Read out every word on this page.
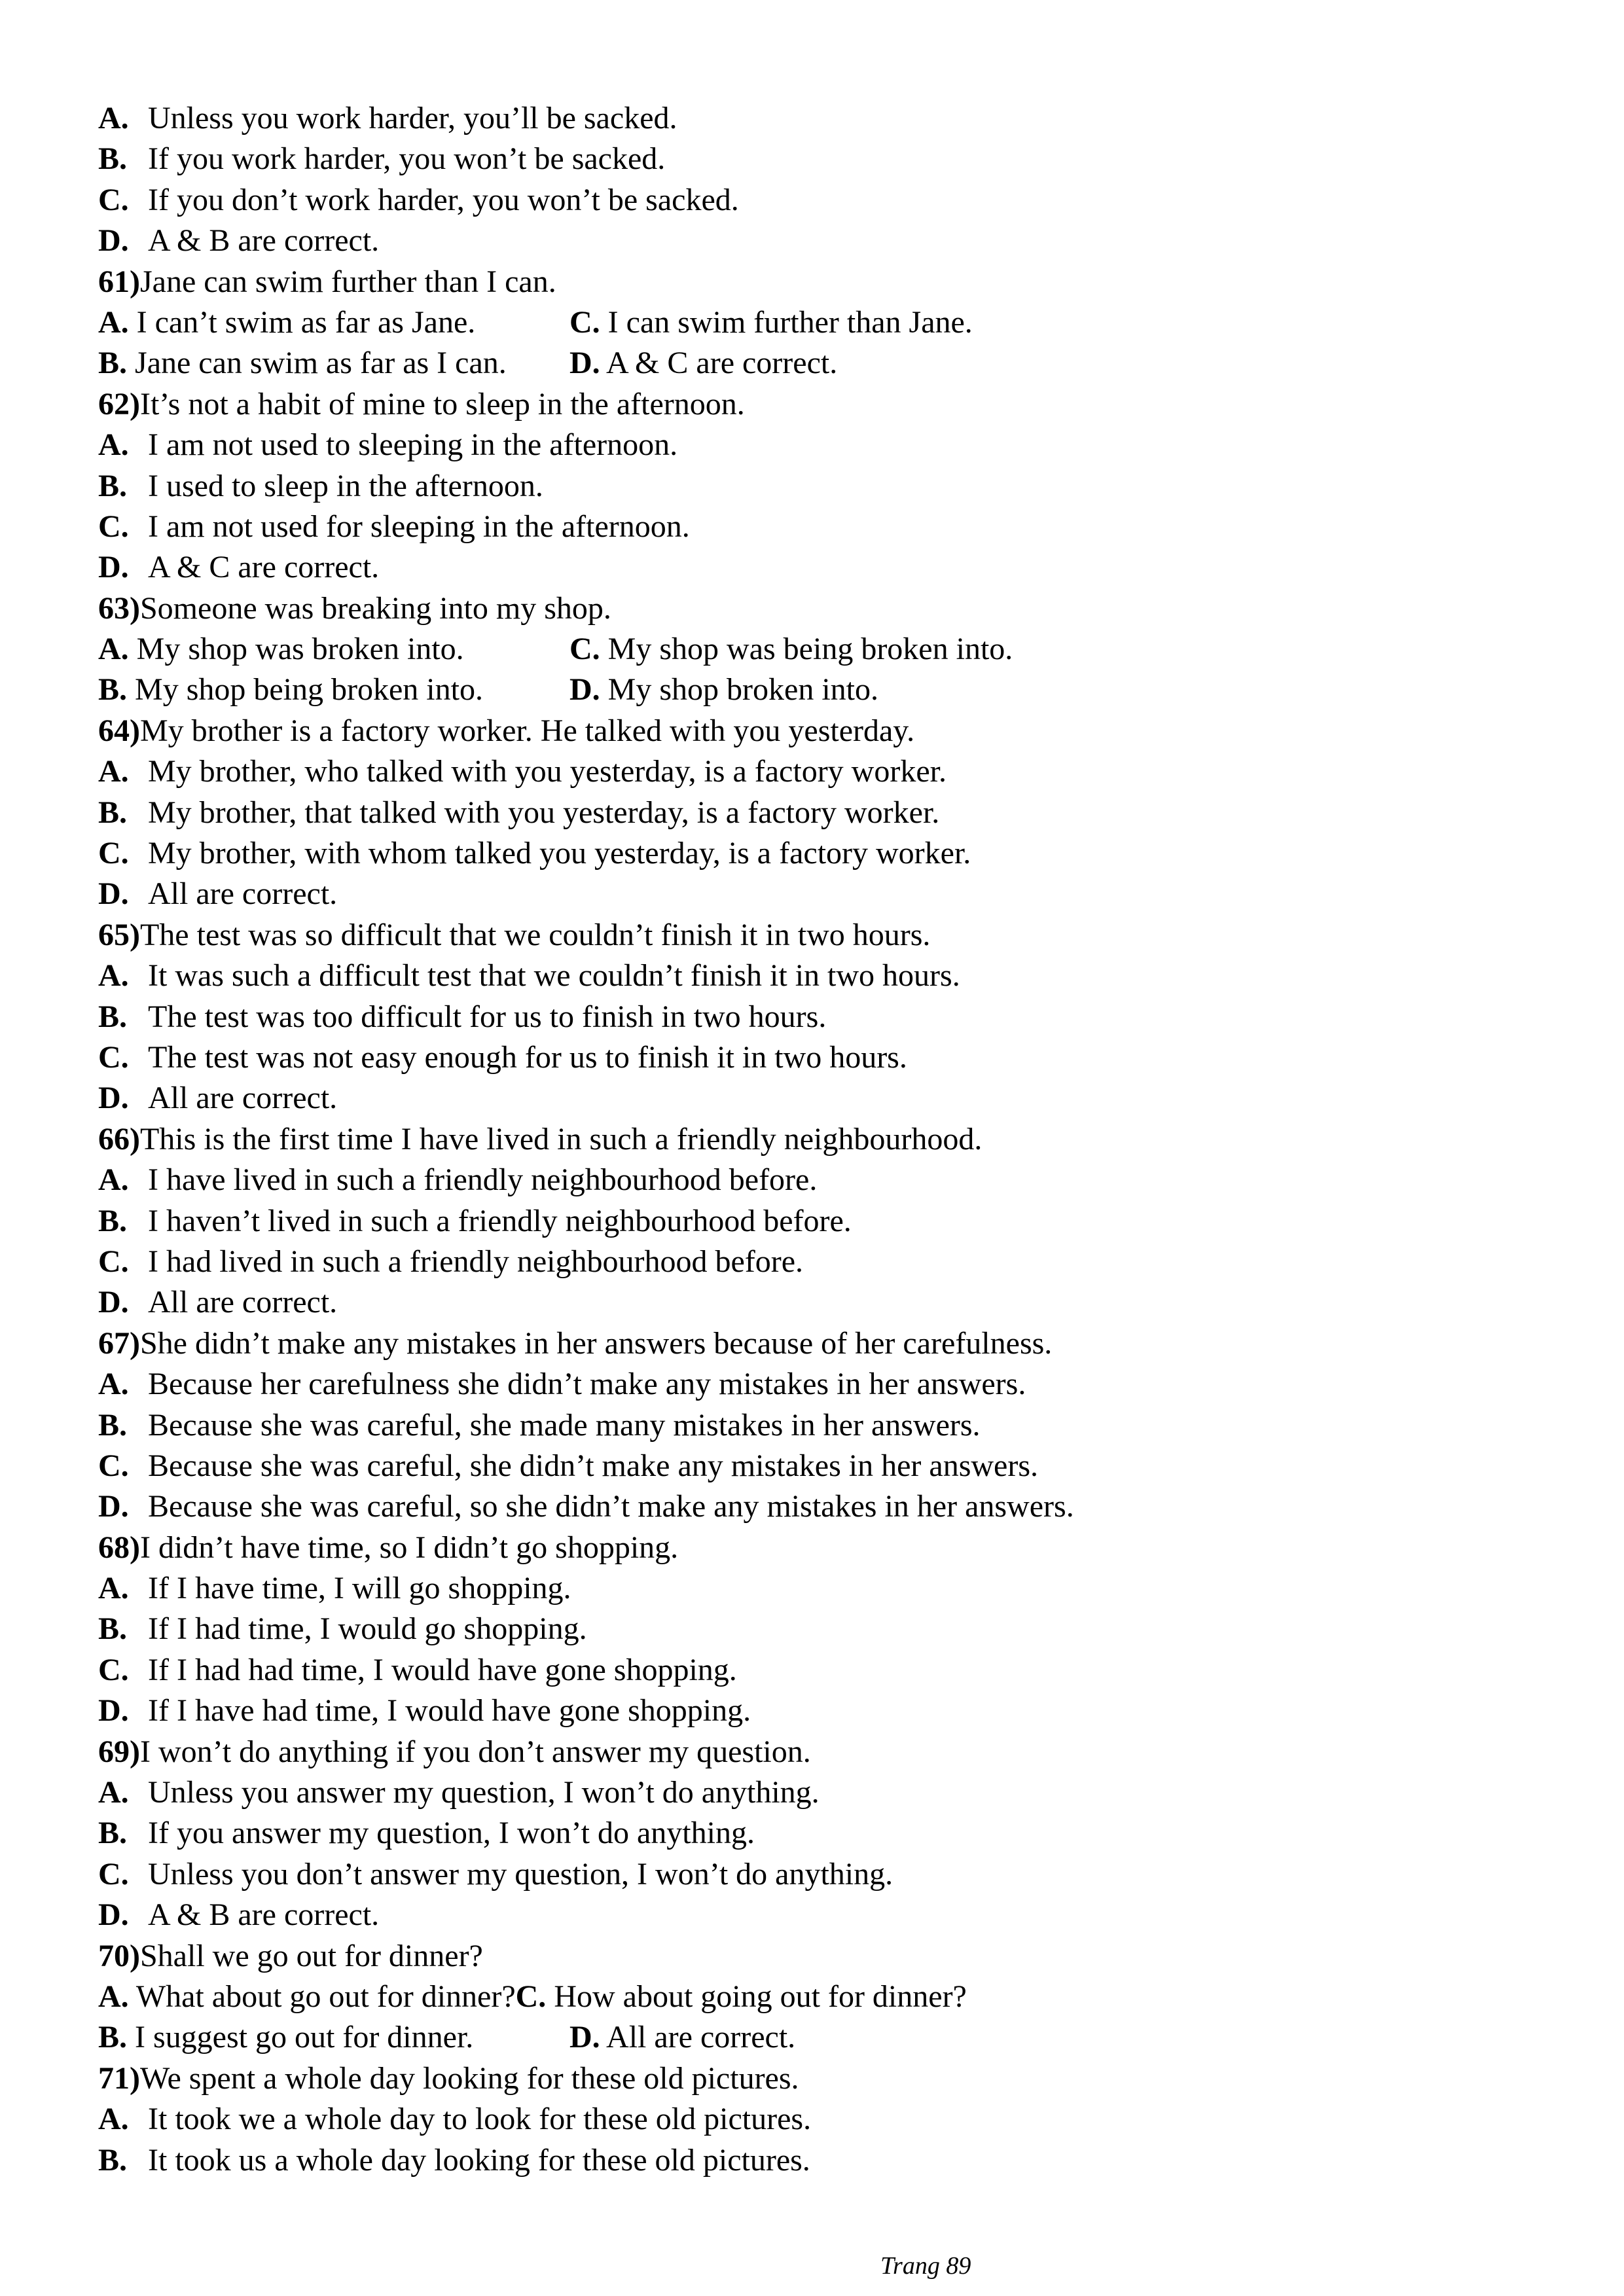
A. Unless you work harder, you’ll be sacked.
B. If you work harder, you won’t be sacked.
C. If you don’t work harder, you won’t be sacked.
D. A & B are correct.
61)Jane can swim further than I can.
A. I can’t swim as far as Jane.	C. I can swim further than Jane.
B. Jane can swim as far as I can. D. A & C are correct.
62)It’s not a habit of mine to sleep in the afternoon.
A. I am not used to sleeping in the afternoon.
B. I used to sleep in the afternoon.
C. I am not used for sleeping in the afternoon.
D. A & C are correct.
63)Someone was breaking into my shop.
A. My shop was broken into.	C. My shop was being broken into.
B. My shop being broken into.	D. My shop broken into.
64)My brother is a factory worker. He talked with you yesterday.
A. My brother, who talked with you yesterday, is a factory worker.
B. My brother, that talked with you yesterday, is a factory worker.
C. My brother, with whom talked you yesterday, is a factory worker.
D. All are correct.
65)The test was so difficult that we couldn’t finish it in two hours.
A. It was such a difficult test that we couldn’t finish it in two hours.
B. The test was too difficult for us to finish in two hours.
C. The test was not easy enough for us to finish it in two hours.
D. All are correct.
66)This is the first time I have lived in such a friendly neighbourhood.
A. I have lived in such a friendly neighbourhood before.
B. I haven’t lived in such a friendly neighbourhood before.
C. I had lived in such a friendly neighbourhood before.
D. All are correct.
67)She didn’t make any mistakes in her answers because of her carefulness.
A. Because her carefulness she didn’t make any mistakes in her answers.
B. Because she was careful, she made many mistakes in her answers.
C. Because she was careful, she didn’t make any mistakes in her answers.
D. Because she was careful, so she didn’t make any mistakes in her answers.
68)I didn’t have time, so I didn’t go shopping.
A. If I have time, I will go shopping.
B. If I had time, I would go shopping.
C. If I had had time, I would have gone shopping.
D. If I have had time, I would have gone shopping.
69)I won’t do anything if you don’t answer my question.
A. Unless you answer my question, I won’t do anything.
B. If you answer my question, I won’t do anything.
C. Unless you don’t answer my question, I won’t do anything.
D. A & B are correct.
70)Shall we go out for dinner?
A. What about go out for dinner?C. How about going out for dinner?
B. I suggest go out for dinner.	D. All are correct.
71)We spent a whole day looking for these old pictures.
A. It took we a whole day to look for these old pictures.
B. It took us a whole day looking for these old pictures.
Trang 89
